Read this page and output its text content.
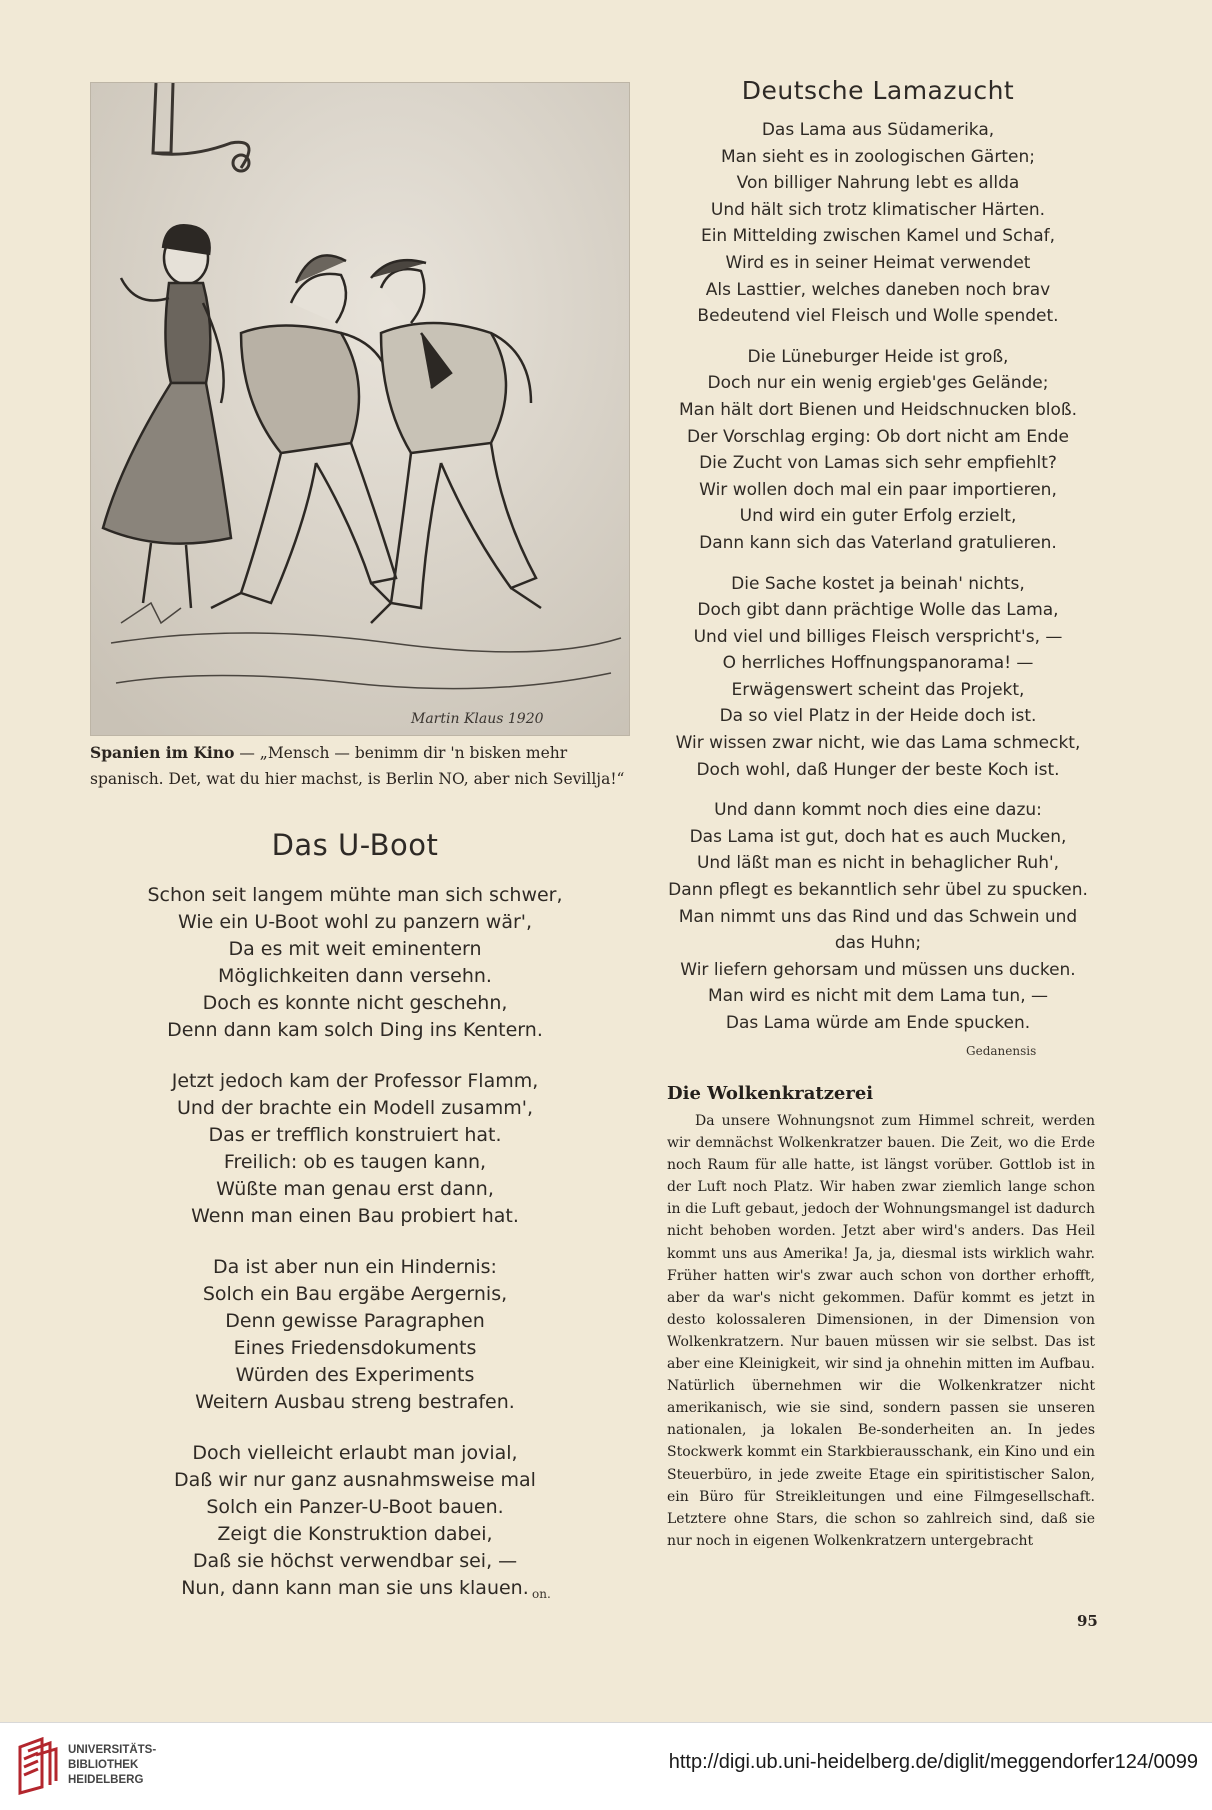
Martin Klaus 1920
Spanien im Kino — „Mensch — benimm dir 'n bisken mehr spanisch. Det, wat du hier machst, is Berlin NO, aber nich Sevillja!“
Das U-Boot
Schon seit langem mühte man sich schwer,
Wie ein U-Boot wohl zu panzern wär',
Da es mit weit eminentern
Möglichkeiten dann versehn.
Doch es konnte nicht geschehn,
Denn dann kam solch Ding ins Kentern.
Jetzt jedoch kam der Professor Flamm,
Und der brachte ein Modell zusamm',
Das er trefflich konstruiert hat.
Freilich: ob es taugen kann,
Wüßte man genau erst dann,
Wenn man einen Bau probiert hat.
Da ist aber nun ein Hindernis:
Solch ein Bau ergäbe Aergernis,
Denn gewisse Paragraphen
Eines Friedensdokuments
Würden des Experiments
Weitern Ausbau streng bestrafen.
Doch vielleicht erlaubt man jovial,
Daß wir nur ganz ausnahmsweise mal
Solch ein Panzer-U-Boot bauen.
Zeigt die Konstruktion dabei,
Daß sie höchst verwendbar sei, —
Nun, dann kann man sie uns klauen. on.
Deutsche Lamazucht
Das Lama aus Südamerika,
Man sieht es in zoologischen Gärten;
Von billiger Nahrung lebt es allda
Und hält sich trotz klimatischer Härten.
Ein Mittelding zwischen Kamel und Schaf,
Wird es in seiner Heimat verwendet
Als Lasttier, welches daneben noch brav
Bedeutend viel Fleisch und Wolle spendet.
Die Lüneburger Heide ist groß,
Doch nur ein wenig ergieb'ges Gelände;
Man hält dort Bienen und Heidschnucken bloß.
Der Vorschlag erging: Ob dort nicht am Ende
Die Zucht von Lamas sich sehr empfiehlt?
Wir wollen doch mal ein paar importieren,
Und wird ein guter Erfolg erzielt,
Dann kann sich das Vaterland gratulieren.
Die Sache kostet ja beinah' nichts,
Doch gibt dann prächtige Wolle das Lama,
Und viel und billiges Fleisch verspricht's, —
O herrliches Hoffnungspanorama! —
Erwägenswert scheint das Projekt,
Da so viel Platz in der Heide doch ist.
Wir wissen zwar nicht, wie das Lama schmeckt,
Doch wohl, daß Hunger der beste Koch ist.
Und dann kommt noch dies eine dazu:
Das Lama ist gut, doch hat es auch Mucken,
Und läßt man es nicht in behaglicher Ruh',
Dann pflegt es bekanntlich sehr übel zu spucken.
Man nimmt uns das Rind und das Schwein und
das Huhn;
Wir liefern gehorsam und müssen uns ducken.
Man wird es nicht mit dem Lama tun, —
Das Lama würde am Ende spucken.
Gedanensis
Die Wolkenkratzerei

Da unsere Wohnungsnot zum Himmel schreit, werden wir demnächst Wolkenkratzer bauen. Die Zeit, wo die Erde noch Raum für alle hatte, ist längst vorüber. Gottlob ist in der Luft noch Platz. Wir haben zwar ziemlich lange schon in die Luft gebaut, jedoch der Wohnungsmangel ist dadurch nicht behoben worden. Jetzt aber wird's anders. Das Heil kommt uns aus Amerika! Ja, ja, diesmal ists wirklich wahr. Früher hatten wir's zwar auch schon von dorther erhofft, aber da war's nicht gekommen. Dafür kommt es jetzt in desto kolossaleren Dimensionen, in der Dimension von Wolkenkratzern. Nur bauen müssen wir sie selbst. Das ist aber eine Kleinigkeit, wir sind ja ohnehin mitten im Aufbau. Natürlich übernehmen wir die Wolkenkratzer nicht amerikanisch, wie sie sind, sondern passen sie unseren nationalen, ja lokalen Be-sonderheiten an. In jedes Stockwerk kommt ein Starkbierausschank, ein Kino und ein Steuerbüro, in jede zweite Etage ein spiritistischer Salon, ein Büro für Streikleitungen und eine Filmgesellschaft. Letztere ohne Stars, die schon so zahlreich sind, daß sie nur noch in eigenen Wolkenkratzern untergebracht

95
UNIVERSITÄTS-
BIBLIOTHEK
HEIDELBERG
http://digi.ub.uni-heidelberg.de/diglit/meggendorfer124/0099
